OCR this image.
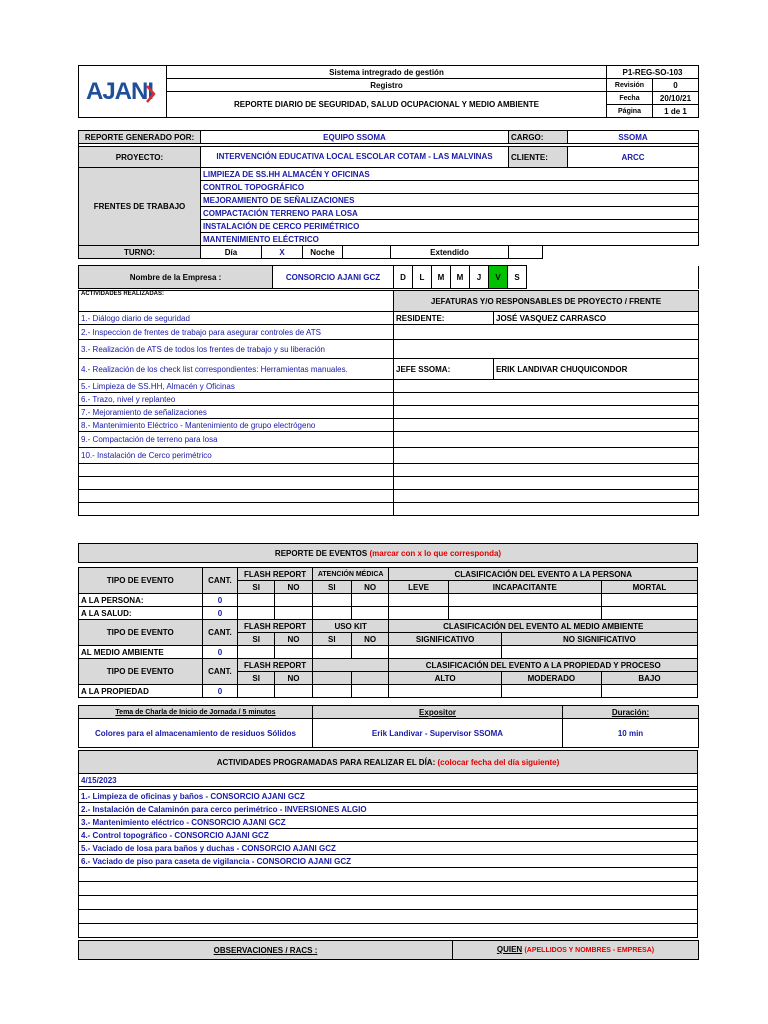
AJANI
	Sistema intregrado de gestión	P1-REG-SO-103	
	Registro	Revisión	0
	REPORTE DIARIO DE SEGURIDAD, SALUD OCUPACIONAL Y MEDIO AMBIENTE	Fecha	20/10/21
		Página	1 de 1
REPORTE GENERADO POR:	EQUIPO SSOMA					CARGO:		SSOMA

PROYECTO:	INTERVENCIÓN EDUCATIVA LOCAL ESCOLAR COTAM - LAS MALVINAS					CLIENTE:		ARCC
FRENTES DE TRABAJO	LIMPIEZA DE SS.HH ALMACÉN Y OFICINAS							
	CONTROL TOPOGRÁFICO							
	MEJORAMIENTO DE SEÑALIZACIONES							
	COMPACTACIÓN TERRENO PARA LOSA							
	INSTALACIÓN DE CERCO PERIMÉTRICO							
	MANTENIMIENTO ELÉCTRICO							
TURNO:	Día	X	Noche		Extendido			
Nombre de la Empresa :	CONSORCIO AJANI GCZ	D	L	M	M	J	V	S	
ACTIVIDADES REALIZADAS:	JEFATURAS Y/O RESPONSABLES DE PROYECTO / FRENTE	
1.- Diálogo diario de seguridad	RESIDENTE:	JOSÉ VASQUEZ CARRASCO
2.- Inspeccion de frentes de trabajo para asegurar controles de ATS		
3.- Realización de ATS de todos los frentes de trabajo y su liberación		
4.- Realización de los check list correspondientes: Herramientas manuales.	JEFE SSOMA:	ERIK LANDIVAR CHUQUICONDOR
5.- Limpieza de SS.HH, Almacén y Oficinas		
6.- Trazo, nivel y replanteo		
7.- Mejoramiento de señalizaciones		
8.- Mantenimiento Eléctrico - Mantenimiento de grupo electrógeno		
9.- Compactación de terreno para losa		
10.- Instalación de Cerco perimétrico		

REPORTE DE EVENTOS (marcar con x lo que corresponda)
TIPO DE EVENTO	CANT.	FLASH REPORT		ATENCIÓN MÉDICA		CLASIFICACIÓN DEL EVENTO A LA PERSONA			
		SI	NO	SI	NO	LEVE	INCAPACITANTE		MORTAL
A LA PERSONA:	0								
A LA SALUD:	0								
TIPO DE EVENTO	CANT.	FLASH REPORT		USO KIT		CLASIFICACIÓN DEL EVENTO AL MEDIO AMBIENTE			
		SI	NO	SI	NO	SIGNIFICATIVO		NO SIGNIFICATIVO	
AL MEDIO AMBIENTE	0								
TIPO DE EVENTO	CANT.	FLASH REPORT				CLASIFICACIÓN DEL EVENTO A LA PROPIEDAD Y PROCESO			
		SI	NO			ALTO		MODERADO	BAJO
A LA PROPIEDAD	0								
Tema de Charla de Inicio de Jornada / 5 minutos	Expositor	Duración:
Colores para el almacenamiento de residuos Sólidos	Erik Landivar - Supervisor SSOMA	10 min
ACTIVIDADES PROGRAMADAS PARA REALIZAR EL DÍA: (colocar fecha del día siguiente)
4/15/2023

1.- Limpieza de oficinas y baños - CONSORCIO AJANI GCZ
2.- Instalación de Calaminón para cerco perimétrico - INVERSIONES ALGIO
3.- Mantenimiento eléctrico - CONSORCIO AJANI GCZ
4.- Control topográfico - CONSORCIO AJANI GCZ
5.- Vaciado de losa para baños y duchas - CONSORCIO AJANI GCZ
6.- Vaciado de piso para caseta de vigilancia - CONSORCIO AJANI GCZ

OBSERVACIONES / RACS :	QUIEN (APELLIDOS Y NOMBRES - EMPRESA)
